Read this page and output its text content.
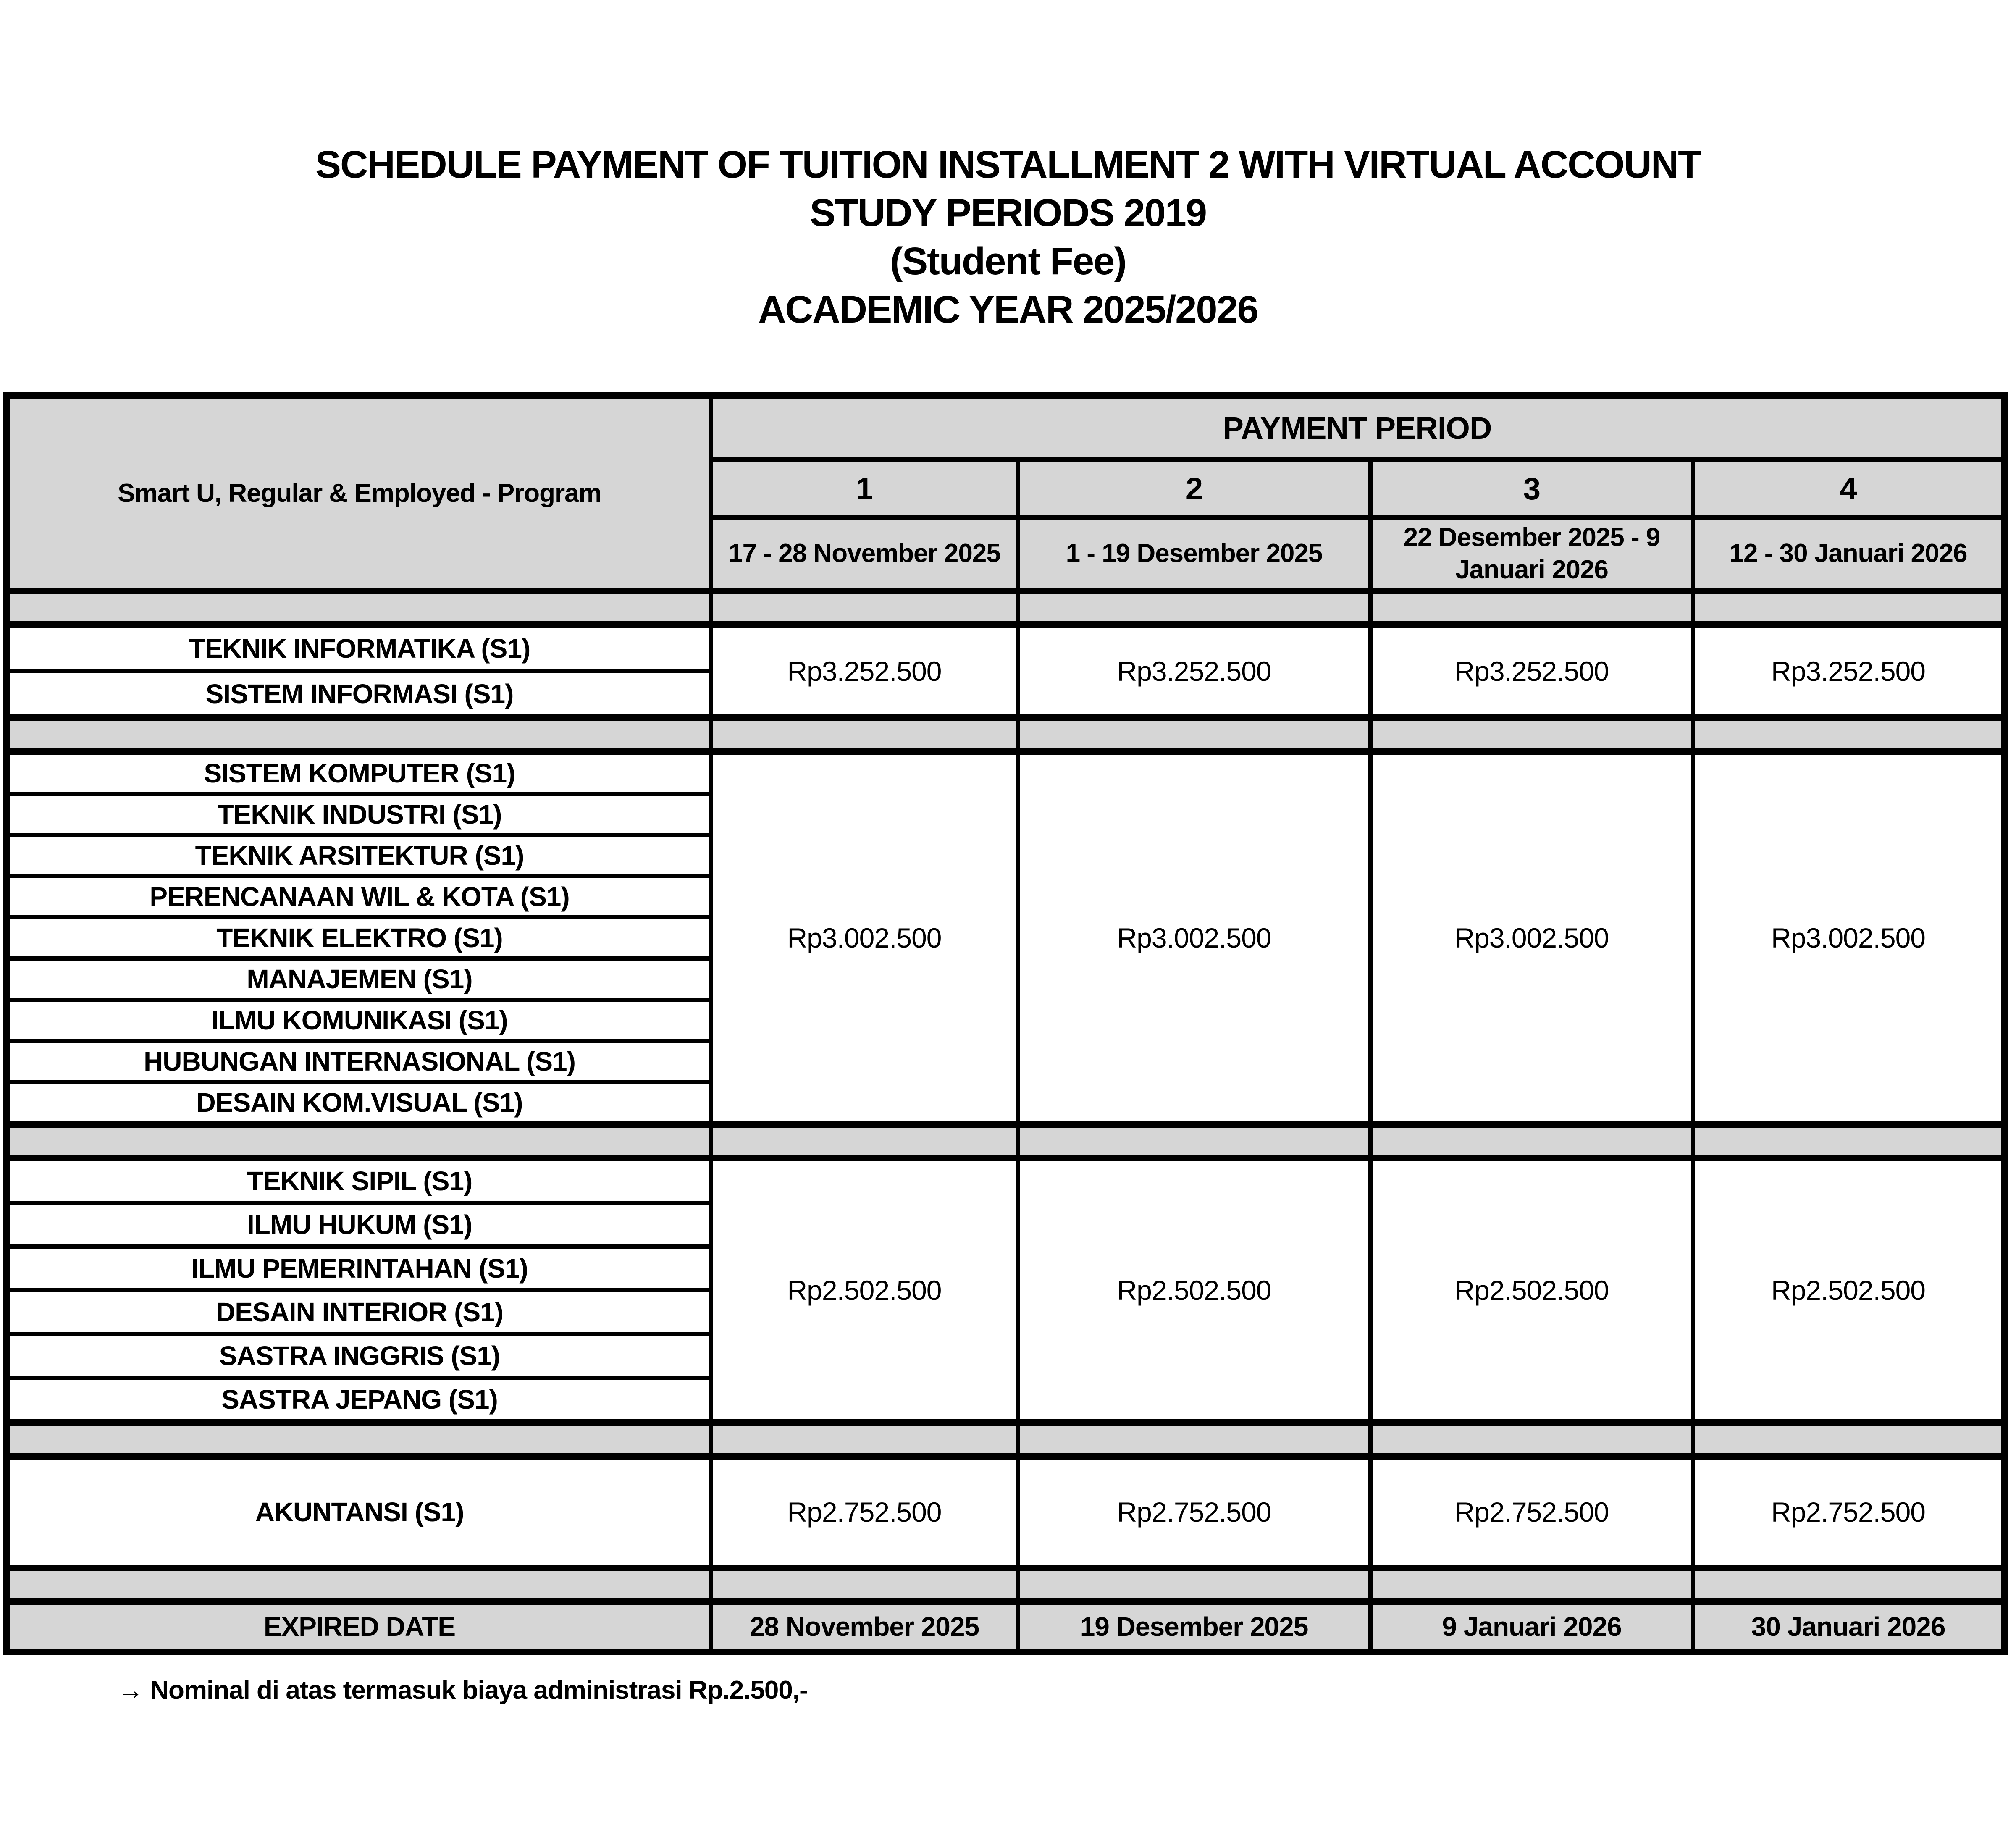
SCHEDULE PAYMENT OF TUITION INSTALLMENT 2 WITH VIRTUAL ACCOUNT
STUDY PERIODS 2019
(Student Fee)
ACADEMIC YEAR 2025/2026
Smart U, Regular & Employed - Program	PAYMENT PERIOD			
	1	2	3	4
	17 - 28 November 2025	1 - 19 Desember 2025	22 Desember 2025 - 9 Januari 2026	12 - 30 Januari 2026

TEKNIK INFORMATIKA (S1)	Rp3.252.500	Rp3.252.500	Rp3.252.500	Rp3.252.500
SISTEM INFORMASI (S1)				

SISTEM KOMPUTER (S1)	Rp3.002.500	Rp3.002.500	Rp3.002.500	Rp3.002.500
TEKNIK INDUSTRI (S1)				
TEKNIK ARSITEKTUR (S1)				
PERENCANAAN WIL & KOTA (S1)				
TEKNIK ELEKTRO (S1)				
MANAJEMEN (S1)				
ILMU KOMUNIKASI (S1)				
HUBUNGAN INTERNASIONAL (S1)				
DESAIN KOM.VISUAL (S1)				

TEKNIK SIPIL (S1)	Rp2.502.500	Rp2.502.500	Rp2.502.500	Rp2.502.500
ILMU HUKUM (S1)				
ILMU PEMERINTAHAN (S1)				
DESAIN INTERIOR (S1)				
SASTRA INGGRIS (S1)				
SASTRA JEPANG (S1)				

AKUNTANSI (S1)	Rp2.752.500	Rp2.752.500	Rp2.752.500	Rp2.752.500

EXPIRED DATE	28 November 2025	19 Desember 2025	9 Januari 2026	30 Januari 2026
→ Nominal di atas termasuk biaya administrasi Rp.2.500,-
